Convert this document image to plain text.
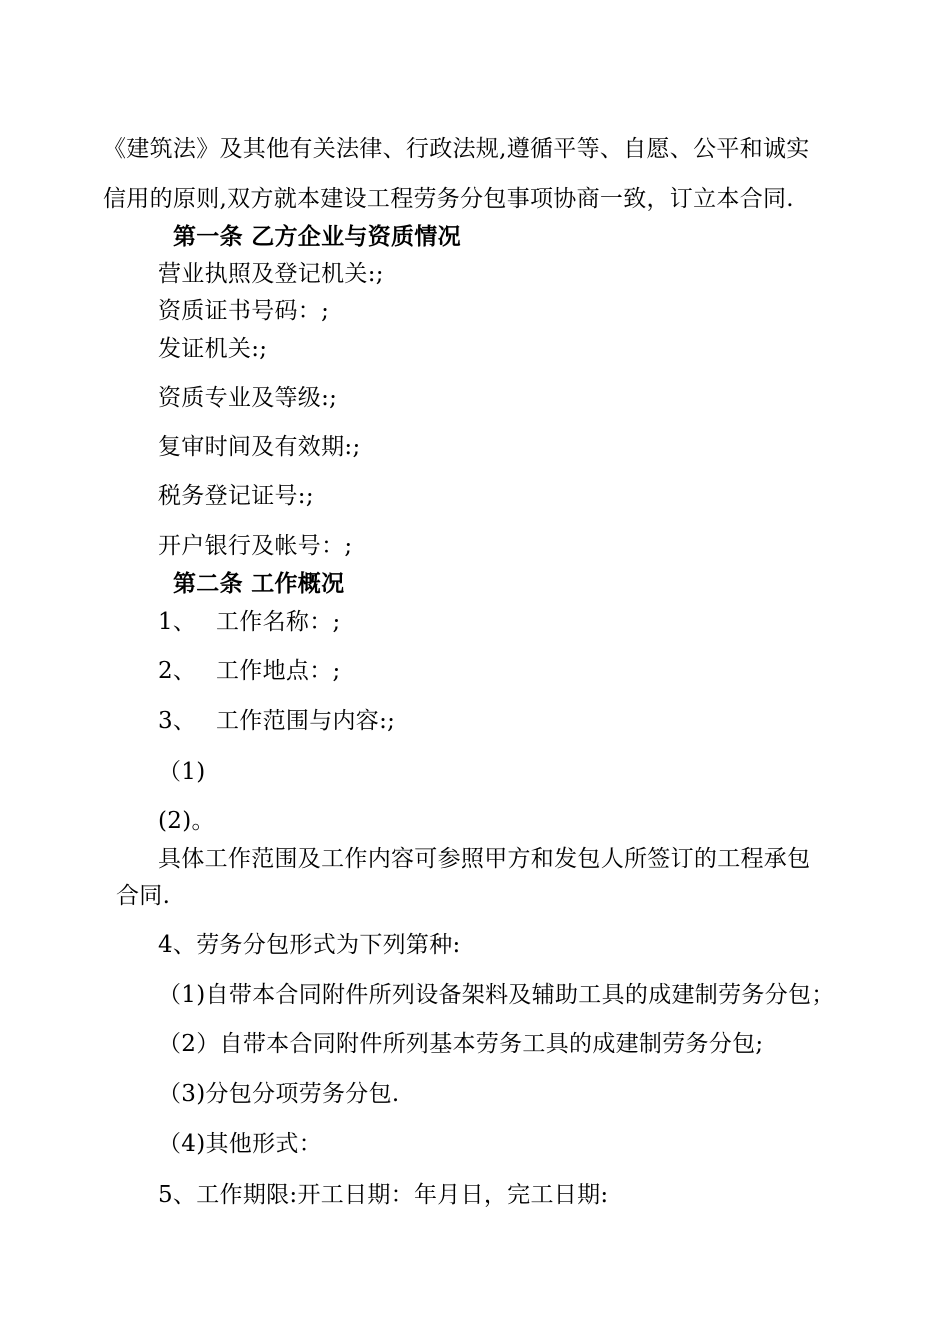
《建筑法》及其他有关法律、行政法规,遵循平等、自愿、公平和诚实

信用的原则,双方就本建设工程劳务分包事项协商一致，订立本合同.

第一条 乙方企业与资质情况

营业执照及登记机关:;

资质证书号码：;

发证机关:;

资质专业及等级:;

复审时间及有效期:;

税务登记证号:;

开户银行及帐号：;

第二条 工作概况

1、 工作名称：;

2、 工作地点：;

3、 工作范围与内容:;

（1)

(2)。

具体工作范围及工作内容可参照甲方和发包人所签订的工程承包

合同.

4、劳务分包形式为下列第种:

（1)自带本合同附件所列设备架料及辅助工具的成建制劳务分包；

（2）自带本合同附件所列基本劳务工具的成建制劳务分包;

（3)分包分项劳务分包.

（4)其他形式：

5、工作期限:开工日期：年月日，完工日期:
